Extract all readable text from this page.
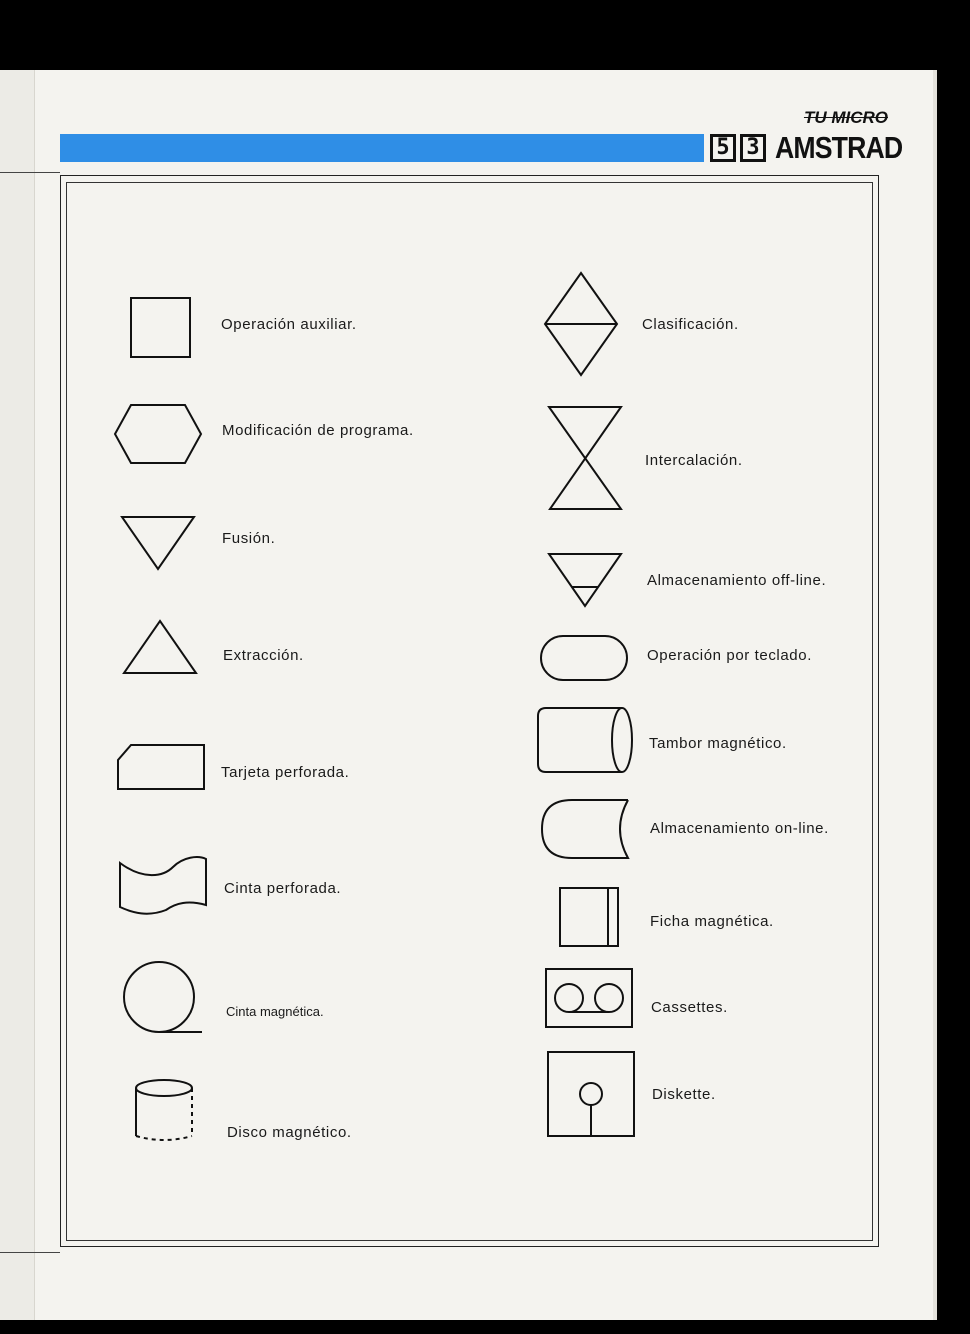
5 3
TU MICRO
AMSTRAD
Operación auxiliar.
Modificación de programa.
Fusión.
Extracción.
Tarjeta perforada.
Cinta perforada.
Cinta magnética.
Disco magnético.
Clasificación.
Intercalación.
Almacenamiento off-line.
Operación por teclado.
Tambor magnético.
Almacenamiento on-line.
Ficha magnética.
Cassettes.
Diskette.
